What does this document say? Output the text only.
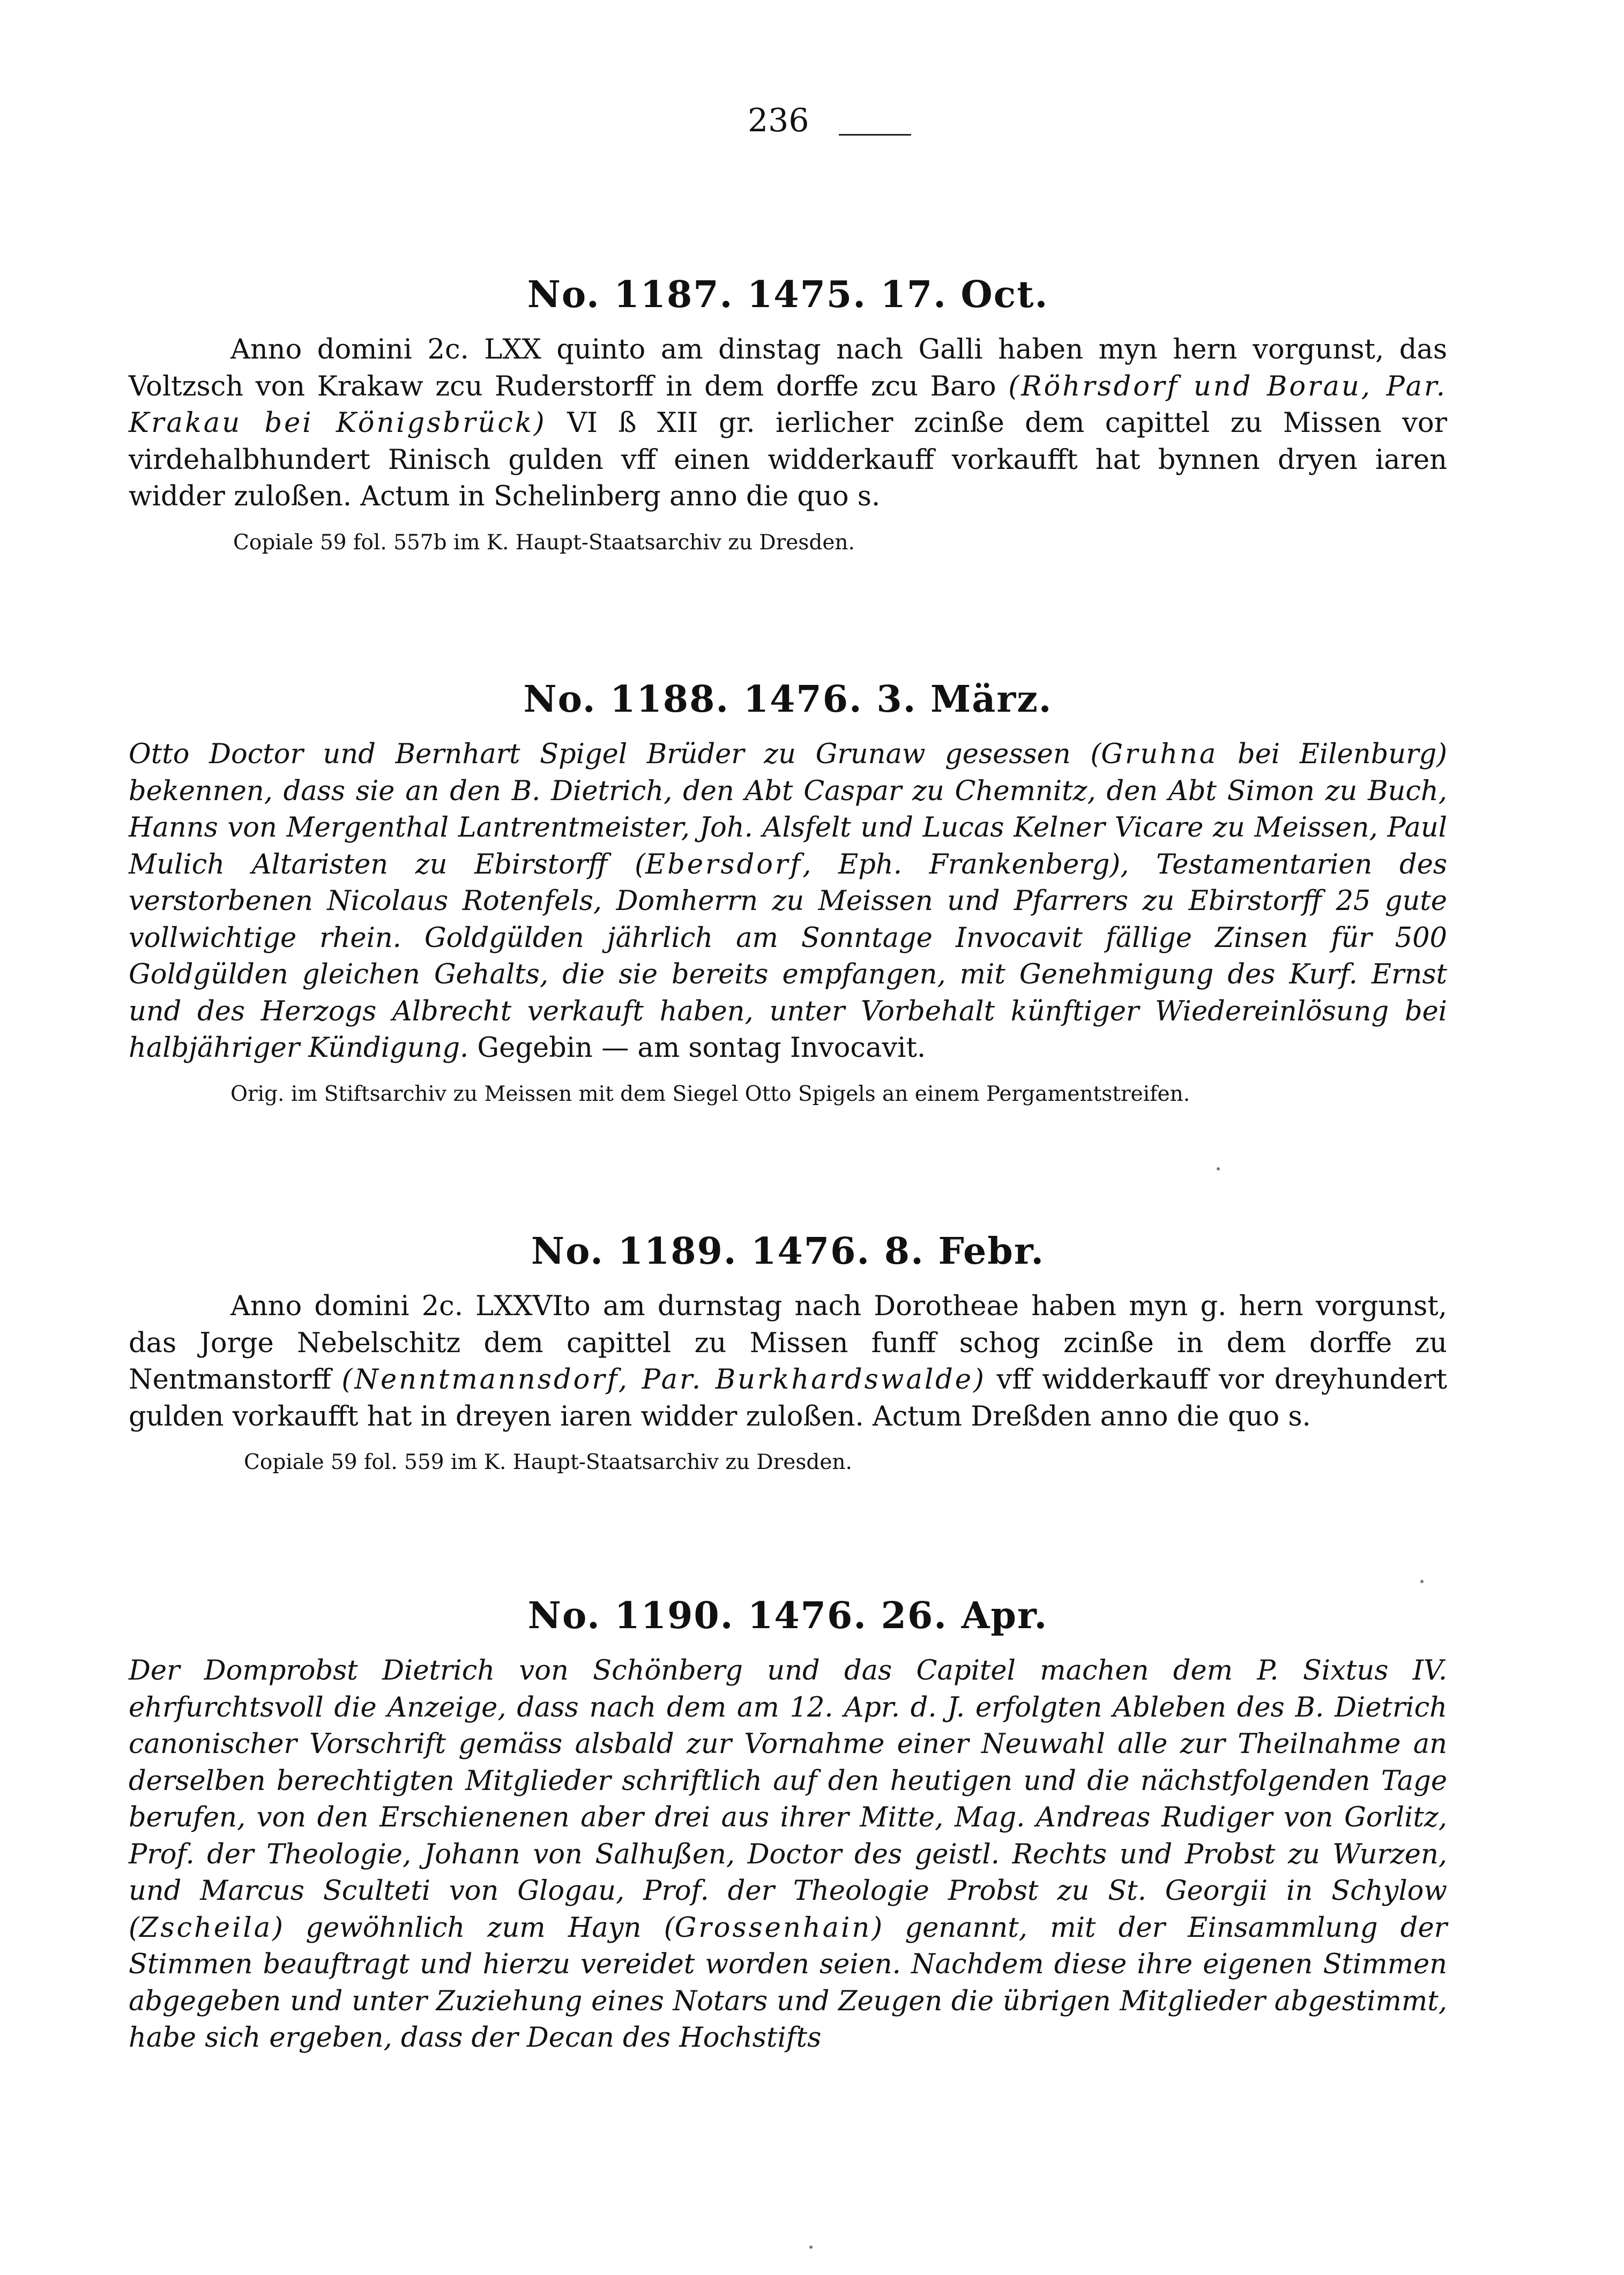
236
No. 1187. 1475. 17. Oct.

Anno domini 2c. LXX quinto am dinstag nach Galli haben myn hern vorgunst, das Voltzsch von Krakaw zcu Ruderstorff in dem dorffe zcu Baro (Röhrsdorf und Borau, Par. Krakau bei Königsbrück) VI ß XII gr. ierlicher zcinße dem capittel zu Missen vor virdehalbhundert Rinisch gulden vff einen widderkauff vorkaufft hat bynnen dryen iaren widder zuloßen. Actum in Schelinberg anno die quo s.

Copiale 59 fol. 557b im K. Haupt-Staatsarchiv zu Dresden.

No. 1188. 1476. 3. März.

Otto Doctor und Bernhart Spigel Brüder zu Grunaw gesessen (Gruhna bei Eilenburg) bekennen, dass sie an den B. Dietrich, den Abt Caspar zu Chemnitz, den Abt Simon zu Buch, Hanns von Mergenthal Lantrentmeister, Joh. Alsfelt und Lucas Kelner Vicare zu Meissen, Paul Mulich Altaristen zu Ebirstorff (Ebersdorf, Eph. Frankenberg), Testamentarien des verstorbenen Nicolaus Rotenfels, Domherrn zu Meissen und Pfarrers zu Ebirstorff 25 gute vollwichtige rhein. Goldgülden jährlich am Sonntage Invocavit fällige Zinsen für 500 Goldgülden gleichen Gehalts, die sie bereits empfangen, mit Genehmigung des Kurf. Ernst und des Herzogs Albrecht verkauft haben, unter Vorbehalt künftiger Wiedereinlösung bei halbjähriger Kündigung. Gegebin — am sontag Invocavit.

Orig. im Stiftsarchiv zu Meissen mit dem Siegel Otto Spigels an einem Pergamentstreifen.

No. 1189. 1476. 8. Febr.

Anno domini 2c. LXXVIto am durnstag nach Dorotheae haben myn g. hern vorgunst, das Jorge Nebelschitz dem capittel zu Missen funff schog zcinße in dem dorffe zu Nentmanstorff (Nenntmannsdorf, Par. Burkhardswalde) vff widderkauff vor dreyhundert gulden vorkaufft hat in dreyen iaren widder zuloßen. Actum Dreßden anno die quo s.

Copiale 59 fol. 559 im K. Haupt-Staatsarchiv zu Dresden.

No. 1190. 1476. 26. Apr.

Der Domprobst Dietrich von Schönberg und das Capitel machen dem P. Sixtus IV. ehrfurchtsvoll die Anzeige, dass nach dem am 12. Apr. d. J. erfolgten Ableben des B. Dietrich canonischer Vorschrift gemäss alsbald zur Vornahme einer Neuwahl alle zur Theilnahme an derselben berechtigten Mitglieder schriftlich auf den heutigen und die nächstfolgenden Tage berufen, von den Erschienenen aber drei aus ihrer Mitte, Mag. Andreas Rudiger von Gorlitz, Prof. der Theologie, Johann von Salhußen, Doctor des geistl. Rechts und Probst zu Wurzen, und Marcus Sculteti von Glogau, Prof. der Theologie Probst zu St. Georgii in Schylow (Zscheila) gewöhnlich zum Hayn (Grossenhain) genannt, mit der Einsammlung der Stimmen beauftragt und hierzu vereidet worden seien. Nachdem diese ihre eigenen Stimmen abgegeben und unter Zuziehung eines Notars und Zeugen die übrigen Mitglieder abgestimmt, habe sich ergeben, dass der Decan des Hochstifts
